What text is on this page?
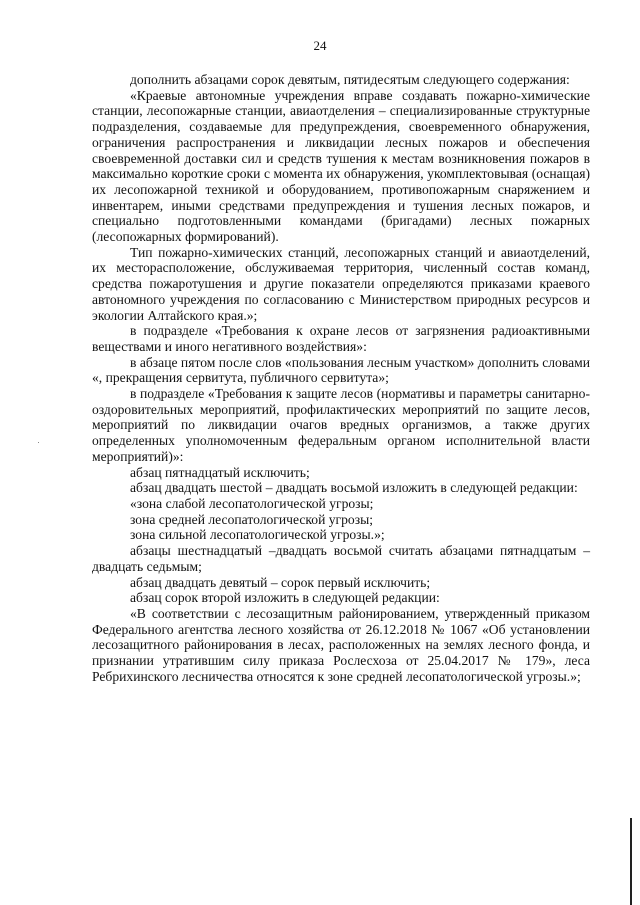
24

дополнить абзацами сорок девятым, пятидесятым следующего содержания:

«Краевые автономные учреждения вправе создавать пожарно-химические станции, лесопожарные станции, авиаотделения – специализированные структурные подразделения, создаваемые для предупреждения, своевременного обнаружения, ограничения распространения и ликвидации лесных пожаров и обеспечения своевременной доставки сил и средств тушения к местам возникновения пожаров в максимально короткие сроки с момента их обнаружения, укомплектовывая (оснащая) их лесопожарной техникой и оборудованием, противопожарным снаряжением и инвентарем, иными средствами предупреждения и тушения лесных пожаров, и специально подготовленными командами (бригадами) лесных пожарных (лесопожарных формирований).

Тип пожарно-химических станций, лесопожарных станций и авиаотделений, их месторасположение, обслуживаемая территория, численный состав команд, средства пожаротушения и другие показатели определяются приказами краевого автономного учреждения по согласованию с Министерством природных ресурсов и экологии Алтайского края.»;

в подразделе «Требования к охране лесов от загрязнения радиоактивными веществами и иного негативного воздействия»:

в абзаце пятом после слов «пользования лесным участком» дополнить словами «, прекращения сервитута, публичного сервитута»;

в подразделе «Требования к защите лесов (нормативы и параметры санитарно-оздоровительных мероприятий, профилактических мероприятий по защите лесов, мероприятий по ликвидации очагов вредных организмов, а также других определенных уполномоченным федеральным органом исполнительной власти мероприятий)»:

абзац пятнадцатый исключить;

абзац двадцать шестой – двадцать восьмой изложить в следующей редакции:

«зона слабой лесопатологической угрозы;

зона средней лесопатологической угрозы;

зона сильной лесопатологической угрозы.»;

абзацы шестнадцатый –двадцать восьмой считать абзацами пятнадцатым – двадцать седьмым;

абзац двадцать девятый – сорок первый исключить;

абзац сорок второй изложить в следующей редакции:

«В соответствии с лесозащитным районированием, утвержденный приказом Федерального агентства лесного хозяйства от 26.12.2018 № 1067 «Об установлении лесозащитного районирования в лесах, расположенных на землях лесного фонда, и признании утратившим силу приказа Рослесхоза от 25.04.2017 № 179», леса Ребрихинского лесничества относятся к зоне средней лесопатологической угрозы.»;
